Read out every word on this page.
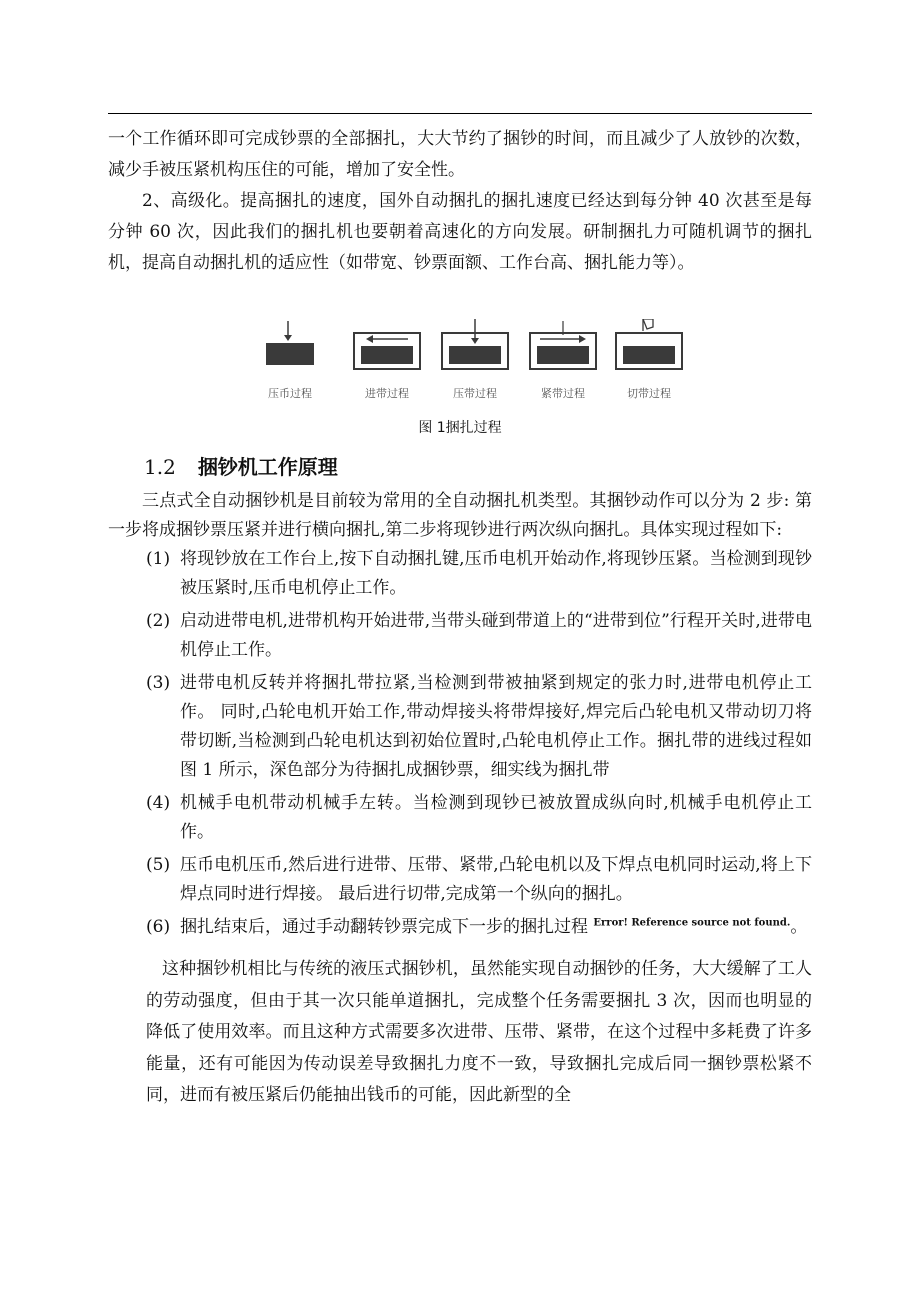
一个工作循环即可完成钞票的全部捆扎，大大节约了捆钞的时间，而且减少了人放钞的次数，减少手被压紧机构压住的可能，增加了安全性。

2、高级化。提高捆扎的速度，国外自动捆扎的捆扎速度已经达到每分钟 40 次甚至是每分钟 60 次，因此我们的捆扎机也要朝着高速化的方向发展。研制捆扎力可随机调节的捆扎机，提高自动捆扎机的适应性（如带宽、钞票面额、工作台高、捆扎能力等）。

压币过程	进带过程	压带过程	紧带过程	切带过程
图 1捆扎过程
1.2 捆钞机工作原理

三点式全自动捆钞机是目前较为常用的全自动捆扎机类型。其捆钞动作可以分为 2 步: 第一步将成捆钞票压紧并进行横向捆扎,第二步将现钞进行两次纵向捆扎。具体实现过程如下:

(1) 将现钞放在工作台上,按下自动捆扎键,压币电机开始动作,将现钞压紧。当检测到现钞被压紧时,压币电机停止工作。
(2) 启动进带电机,进带机构开始进带,当带头碰到带道上的“进带到位”行程开关时,进带电机停止工作。
(3) 进带电机反转并将捆扎带拉紧,当检测到带被抽紧到规定的张力时,进带电机停止工作。 同时,凸轮电机开始工作,带动焊接头将带焊接好,焊完后凸轮电机又带动切刀将带切断,当检测到凸轮电机达到初始位置时,凸轮电机停止工作。捆扎带的进线过程如图 1 所示，深色部分为待捆扎成捆钞票，细实线为捆扎带
(4) 机械手电机带动机械手左转。当检测到现钞已被放置成纵向时,机械手电机停止工作。
(5) 压币电机压币,然后进行进带、压带、紧带,凸轮电机以及下焊点电机同时运动,将上下焊点同时进行焊接。 最后进行切带,完成第一个纵向的捆扎。
(6) 捆扎结束后，通过手动翻转钞票完成下一步的捆扎过程 $^{Error! Reference source not found.}$。

这种捆钞机相比与传统的液压式捆钞机，虽然能实现自动捆钞的任务，大大缓解了工人的劳动强度，但由于其一次只能单道捆扎，完成整个任务需要捆扎 3 次，因而也明显的降低了使用效率。而且这种方式需要多次进带、压带、紧带，在这个过程中多耗费了许多能量，还有可能因为传动误差导致捆扎力度不一致，导致捆扎完成后同一捆钞票松紧不同，进而有被压紧后仍能抽出钱币的可能，因此新型的全
